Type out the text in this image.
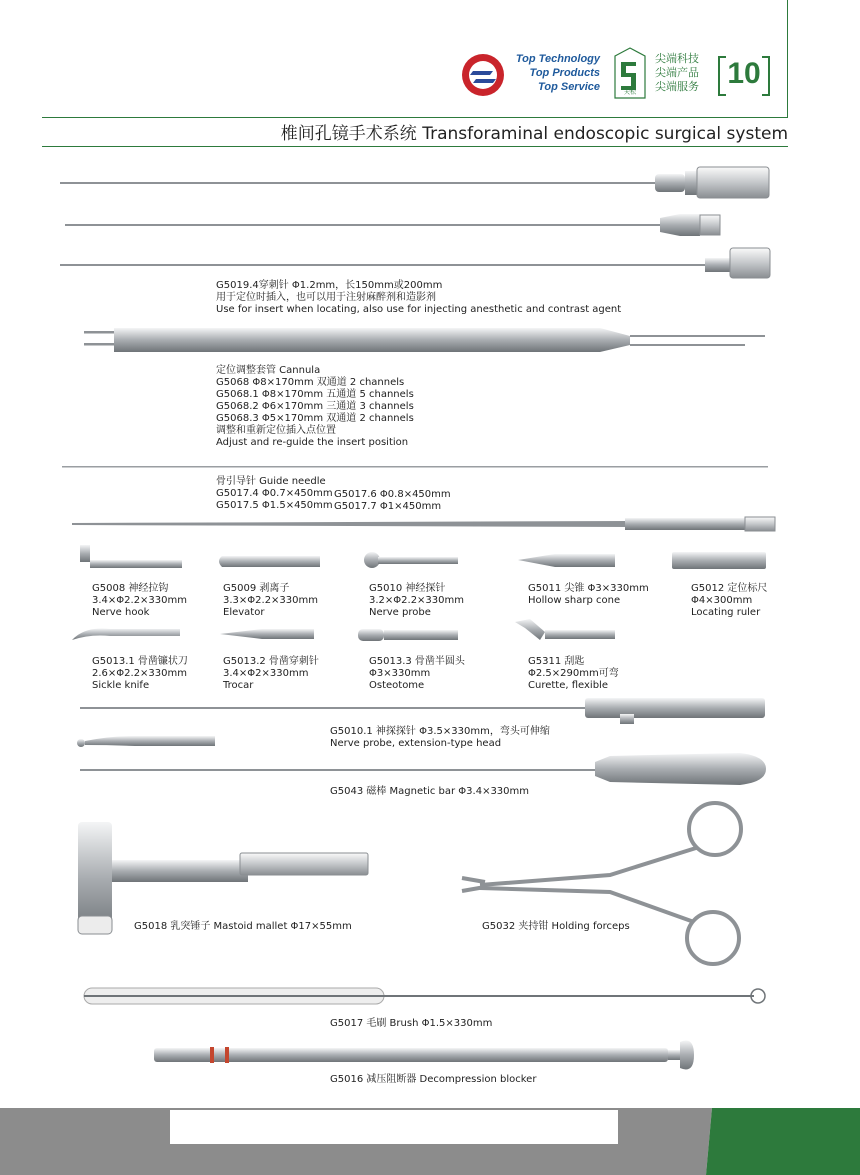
Top Technology
Top Products
Top Service	天松
尖端科技
尖端产品
尖端服务 10
椎间孔镜手术系统 Transforaminal endoscopic surgical system
G5019.4穿刺针 Φ1.2mm，长150mm或200mm
用于定位时插入，也可以用于注射麻醉剂和造影剂
Use for insert when locating, also use for injecting anesthetic and contrast agent
定位调整套管 Cannula
G5068 Φ8×170mm 双通道 2 channels
G5068.1 Φ8×170mm 五通道 5 channels
G5068.2 Φ6×170mm 三通道 3 channels
G5068.3 Φ5×170mm 双通道 2 channels
调整和重新定位插入点位置
Adjust and re-guide the insert position
骨引导针 Guide needle
G5017.4 Φ0.7×450mm
G5017.5 Φ1.5×450mm
G5017.6 Φ0.8×450mm
G5017.7 Φ1×450mm
G5008 神经拉钩
3.4×Φ2.2×330mm
Nerve hook
G5009 剥离子
3.3×Φ2.2×330mm
Elevator
G5010 神经探针
3.2×Φ2.2×330mm
Nerve probe
G5011 尖锥 Φ3×330mm
Hollow sharp cone
G5012 定位标尺
Φ4×300mm
Locating ruler
G5013.1 骨凿镰状刀
2.6×Φ2.2×330mm
Sickle knife
G5013.2 骨凿穿刺针
3.4×Φ2×330mm
Trocar
G5013.3 骨凿半圆头
Φ3×330mm
Osteotome
G5311 刮匙
Φ2.5×290mm可弯
Curette, flexible
G5010.1 神探探针 Φ3.5×330mm，弯头可伸缩
Nerve probe, extension-type head
G5043 磁棒 Magnetic bar Φ3.4×330mm
G5018 乳突锤子 Mastoid mallet Φ17×55mm	G5032 夹持钳 Holding forceps
G5017 毛刷 Brush Φ1.5×330mm
G5016 减压阻断器 Decompression blocker
